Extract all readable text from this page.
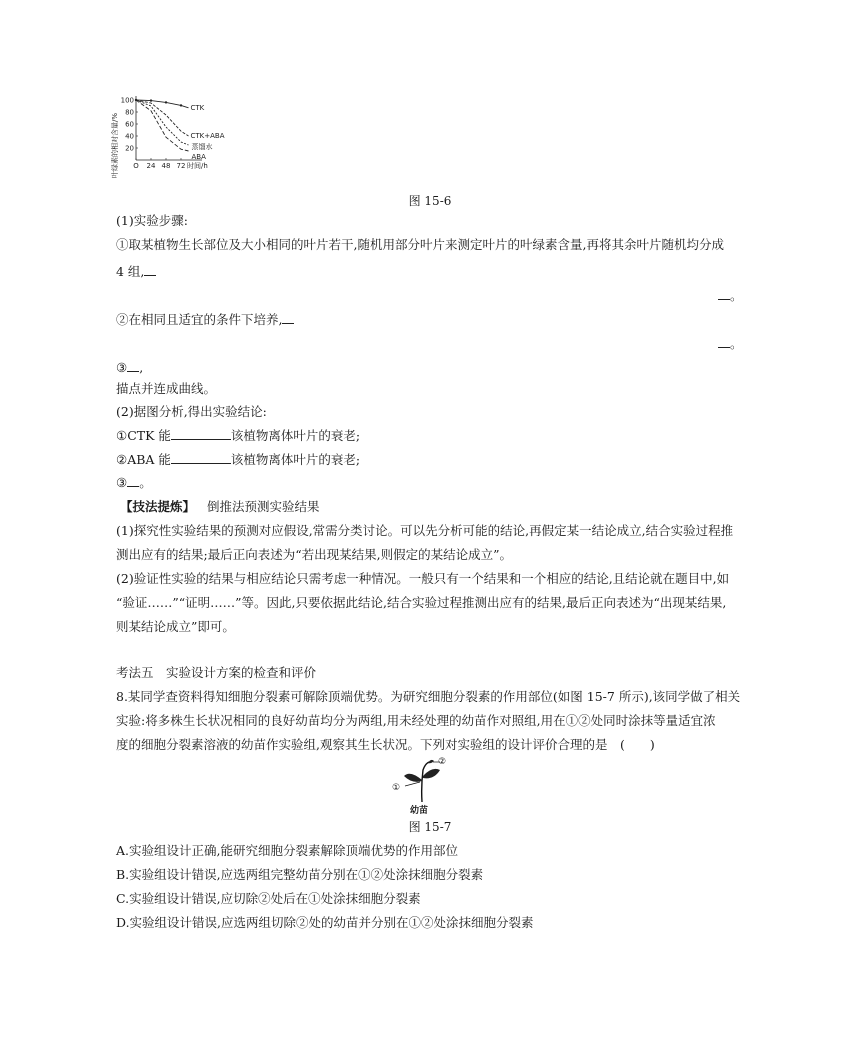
叶绿素的相对含量/%
100
80
60
40
20
O 24 48 72 时间/h
CTK
CTK+ABA
蒸馏水
ABA
图 15-6
(1)实验步骤:
①取某植物生长部位及大小相同的叶片若干,随机用部分叶片来测定叶片的叶绿素含量,再将其余叶片随机均分成
4 组,
。
②在相同且适宜的条件下培养,
。
③ ,
描点并连成曲线。
(2)据图分析,得出实验结论:
①CTK 能	该植物离体叶片的衰老;
②ABA 能	该植物离体叶片的衰老;
③ 。
【技法提炼】 倒推法预测实验结果
(1)探究性实验结果的预测对应假设,常需分类讨论。可以先分析可能的结论,再假定某一结论成立,结合实验过程推
测出应有的结果;最后正向表述为“若出现某结果,则假定的某结论成立”。
(2)验证性实验的结果与相应结论只需考虑一种情况。一般只有一个结果和一个相应的结论,且结论就在题目中,如
“验证……”“证明……”等。因此,只要依据此结论,结合实验过程推测出应有的结果,最后正向表述为“出现某结果,
则某结论成立”即可。
考法五　实验设计方案的检查和评价
8.某同学查资料得知细胞分裂素可解除顶端优势。为研究细胞分裂素的作用部位(如图 15-7 所示),该同学做了相关
实验:将多株生长状况相同的良好幼苗均分为两组,用未经处理的幼苗作对照组,用在①②处同时涂抹等量适宜浓
度的细胞分裂素溶液的幼苗作实验组,观察其生长状况。下列对实验组的设计评价合理的是　(　　)
①
②
幼苗
图 15-7
A.实验组设计正确,能研究细胞分裂素解除顶端优势的作用部位
B.实验组设计错误,应选两组完整幼苗分别在①②处涂抹细胞分裂素
C.实验组设计错误,应切除②处后在①处涂抹细胞分裂素
D.实验组设计错误,应选两组切除②处的幼苗并分别在①②处涂抹细胞分裂素
